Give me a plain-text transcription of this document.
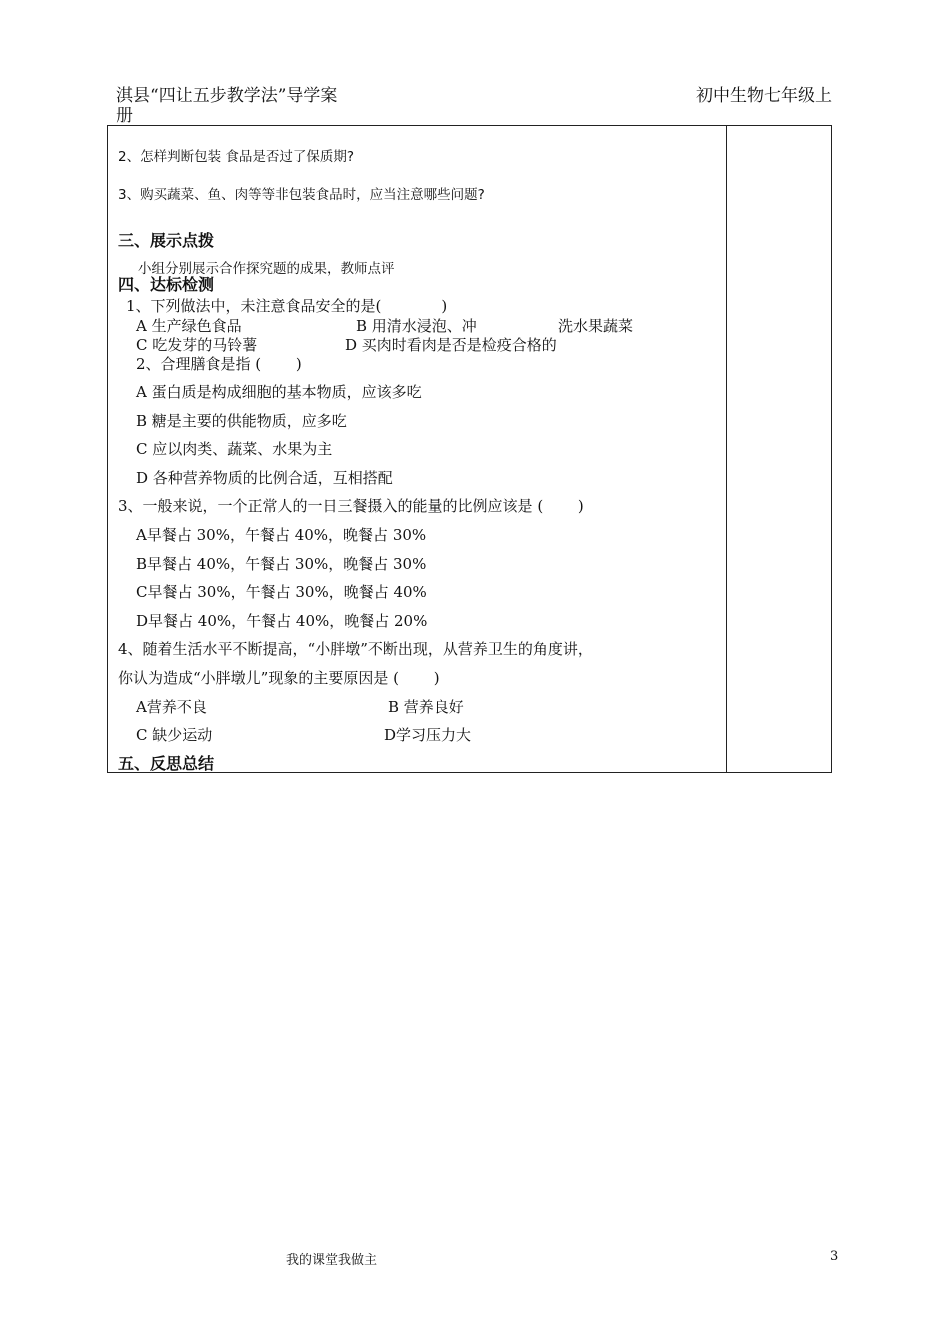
淇县“四让五步教学法”导学案
册
初中生物七年级上
2、怎样判断包装 食品是否过了保质期?
3、购买蔬菜、鱼、肉等等非包装食品时，应当注意哪些问题?
三、展示点拨
小组分别展示合作探究题的成果，教师点评
四、达标检测
1、下列做法中，未注意食品安全的是(　　　　)
A 生产绿色食品	B 用清水浸泡、冲	洗水果蔬菜
C 吃发芽的马铃薯	D 买肉时看肉是否是检疫合格的
2、合理膳食是指 (　　 )
A 蛋白质是构成细胞的基本物质，应该多吃
B 糖是主要的供能物质，应多吃
C 应以肉类、蔬菜、水果为主
D 各种营养物质的比例合适，互相搭配
3、一般来说，一个正常人的一日三餐摄入的能量的比例应该是 (　　 )
A早餐占 30%，午餐占 40%，晚餐占 30%
B早餐占 40%，午餐占 30%，晚餐占 30%
C早餐占 30%，午餐占 30%，晚餐占 40%
D早餐占 40%，午餐占 40%，晚餐占 20%
4、随着生活水平不断提高，“小胖墩”不断出现，从营养卫生的角度讲，
你认为造成“小胖墩儿”现象的主要原因是 (　　 )
A营养不良	B 营养良好
C 缺少运动	D学习压力大
五、反思总结
我的课堂我做主	3
